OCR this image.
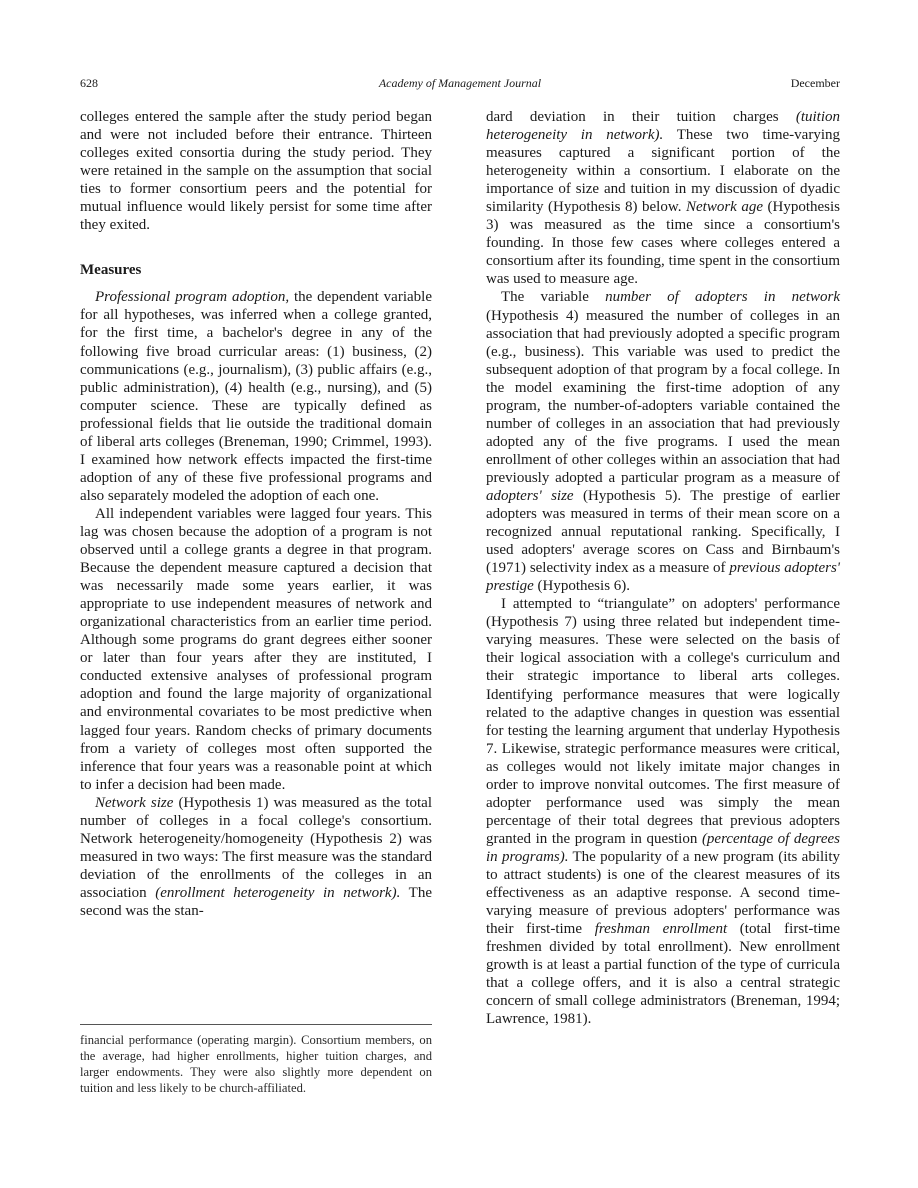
628	Academy of Management Journal	December

colleges entered the sample after the study period began and were not included before their entrance. Thirteen colleges exited consortia during the study period. They were retained in the sample on the assumption that social ties to former consortium peers and the potential for mutual influence would likely persist for some time after they exited.

Measures

Professional program adoption, the dependent variable for all hypotheses, was inferred when a college granted, for the first time, a bachelor's degree in any of the following five broad curricular areas: (1) business, (2) communications (e.g., journalism), (3) public affairs (e.g., public administration), (4) health (e.g., nursing), and (5) computer science. These are typically defined as professional fields that lie outside the traditional domain of liberal arts colleges (Breneman, 1990; Crimmel, 1993). I examined how network effects impacted the first-time adoption of any of these five professional programs and also separately modeled the adoption of each one.

All independent variables were lagged four years. This lag was chosen because the adoption of a program is not observed until a college grants a degree in that program. Because the dependent measure captured a decision that was necessarily made some years earlier, it was appropriate to use independent measures of network and organizational characteristics from an earlier time period. Although some programs do grant degrees either sooner or later than four years after they are instituted, I conducted extensive analyses of professional program adoption and found the large majority of organizational and environmental covariates to be most predictive when lagged four years. Random checks of primary documents from a variety of colleges most often supported the inference that four years was a reasonable point at which to infer a decision had been made.

Network size (Hypothesis 1) was measured as the total number of colleges in a focal college's consortium. Network heterogeneity/homogeneity (Hypothesis 2) was measured in two ways: The first measure was the standard deviation of the enrollments of the colleges in an association (enrollment heterogeneity in network). The second was the stan-

dard deviation in their tuition charges (tuition heterogeneity in network). These two time-varying measures captured a significant portion of the heterogeneity within a consortium. I elaborate on the importance of size and tuition in my discussion of dyadic similarity (Hypothesis 8) below. Network age (Hypothesis 3) was measured as the time since a consortium's founding. In those few cases where colleges entered a consortium after its founding, time spent in the consortium was used to measure age.

The variable number of adopters in network (Hypothesis 4) measured the number of colleges in an association that had previously adopted a specific program (e.g., business). This variable was used to predict the subsequent adoption of that program by a focal college. In the model examining the first-time adoption of any program, the number-of-adopters variable contained the number of colleges in an association that had previously adopted any of the five programs. I used the mean enrollment of other colleges within an association that had previously adopted a particular program as a measure of adopters' size (Hypothesis 5). The prestige of earlier adopters was measured in terms of their mean score on a recognized annual reputational ranking. Specifically, I used adopters' average scores on Cass and Birnbaum's (1971) selectivity index as a measure of previous adopters' prestige (Hypothesis 6).

I attempted to “triangulate” on adopters' performance (Hypothesis 7) using three related but independent time-varying measures. These were selected on the basis of their logical association with a college's curriculum and their strategic importance to liberal arts colleges. Identifying performance measures that were logically related to the adaptive changes in question was essential for testing the learning argument that underlay Hypothesis 7. Likewise, strategic performance measures were critical, as colleges would not likely imitate major changes in order to improve nonvital outcomes. The first measure of adopter performance used was simply the mean percentage of their total degrees that previous adopters granted in the program in question (percentage of degrees in programs). The popularity of a new program (its ability to attract students) is one of the clearest measures of its effectiveness as an adaptive response. A second time-varying measure of previous adopters' performance was their first-time freshman enrollment (total first-time freshmen divided by total enrollment). New enrollment growth is at least a partial function of the type of curricula that a college offers, and it is also a central strategic concern of small college administrators (Breneman, 1994; Lawrence, 1981).

financial performance (operating margin). Consortium members, on the average, had higher enrollments, higher tuition charges, and larger endowments. They were also slightly more dependent on tuition and less likely to be church-affiliated.
